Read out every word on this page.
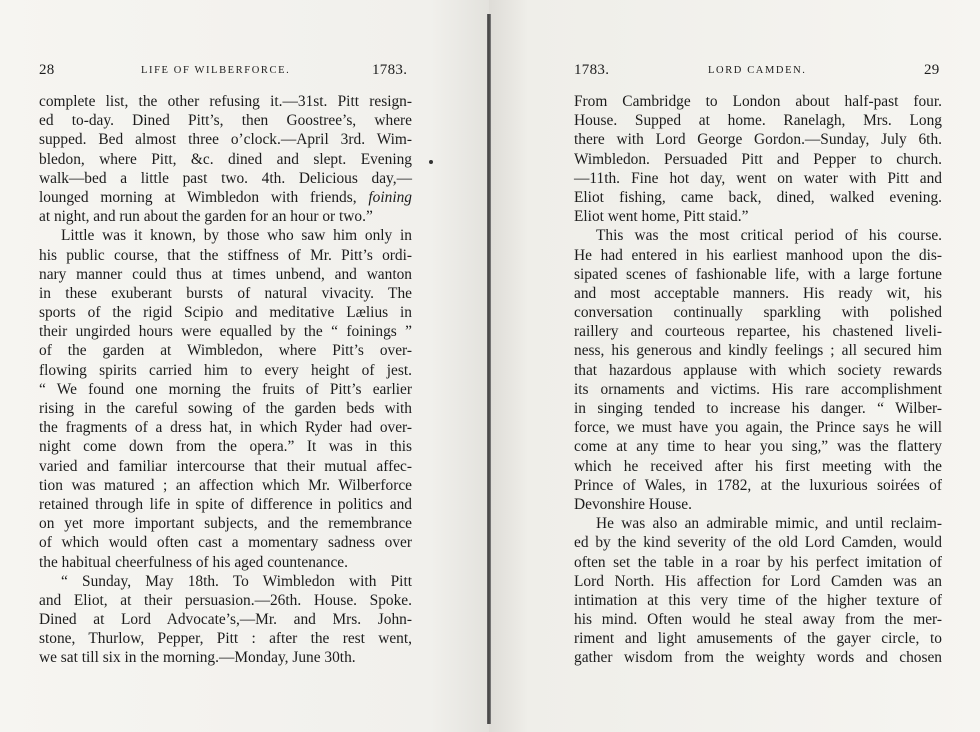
28	LIFE OF WILBERFORCE.	1783.
complete list, the other refusing it.—31st. Pitt resign-
ed to-day. Dined Pitt’s, then Goostree’s, where
supped. Bed almost three o’clock.—April 3rd. Wim-
bledon, where Pitt, &c. dined and slept. Evening
walk—bed a little past two. 4th. Delicious day,—
lounged morning at Wimbledon with friends, foining
at night, and run about the garden for an hour or two.”
Little was it known, by those who saw him only in
his public course, that the stiffness of Mr. Pitt’s ordi-
nary manner could thus at times unbend, and wanton
in these exuberant bursts of natural vivacity. The
sports of the rigid Scipio and meditative Lælius in
their ungirded hours were equalled by the “ foinings ”
of the garden at Wimbledon, where Pitt’s over-
flowing spirits carried him to every height of jest.
“ We found one morning the fruits of Pitt’s earlier
rising in the careful sowing of the garden beds with
the fragments of a dress hat, in which Ryder had over-
night come down from the opera.” It was in this
varied and familiar intercourse that their mutual affec-
tion was matured ; an affection which Mr. Wilberforce
retained through life in spite of difference in politics and
on yet more important subjects, and the remembrance
of which would often cast a momentary sadness over
the habitual cheerfulness of his aged countenance.
“ Sunday, May 18th. To Wimbledon with Pitt
and Eliot, at their persuasion.—26th. House. Spoke.
Dined at Lord Advocate’s,—Mr. and Mrs. John-
stone, Thurlow, Pepper, Pitt : after the rest went,
we sat till six in the morning.—Monday, June 30th.
1783.	LORD CAMDEN.	29
From Cambridge to London about half-past four.
House. Supped at home. Ranelagh, Mrs. Long
there with Lord George Gordon.—Sunday, July 6th.
Wimbledon. Persuaded Pitt and Pepper to church.
—11th. Fine hot day, went on water with Pitt and
Eliot fishing, came back, dined, walked evening.
Eliot went home, Pitt staid.”
This was the most critical period of his course.
He had entered in his earliest manhood upon the dis-
sipated scenes of fashionable life, with a large fortune
and most acceptable manners. His ready wit, his
conversation continually sparkling with polished
raillery and courteous repartee, his chastened liveli-
ness, his generous and kindly feelings ; all secured him
that hazardous applause with which society rewards
its ornaments and victims. His rare accomplishment
in singing tended to increase his danger. “ Wilber-
force, we must have you again, the Prince says he will
come at any time to hear you sing,” was the flattery
which he received after his first meeting with the
Prince of Wales, in 1782, at the luxurious soirées of
Devonshire House.
He was also an admirable mimic, and until reclaim-
ed by the kind severity of the old Lord Camden, would
often set the table in a roar by his perfect imitation of
Lord North. His affection for Lord Camden was an
intimation at this very time of the higher texture of
his mind. Often would he steal away from the mer-
riment and light amusements of the gayer circle, to
gather wisdom from the weighty words and chosen
